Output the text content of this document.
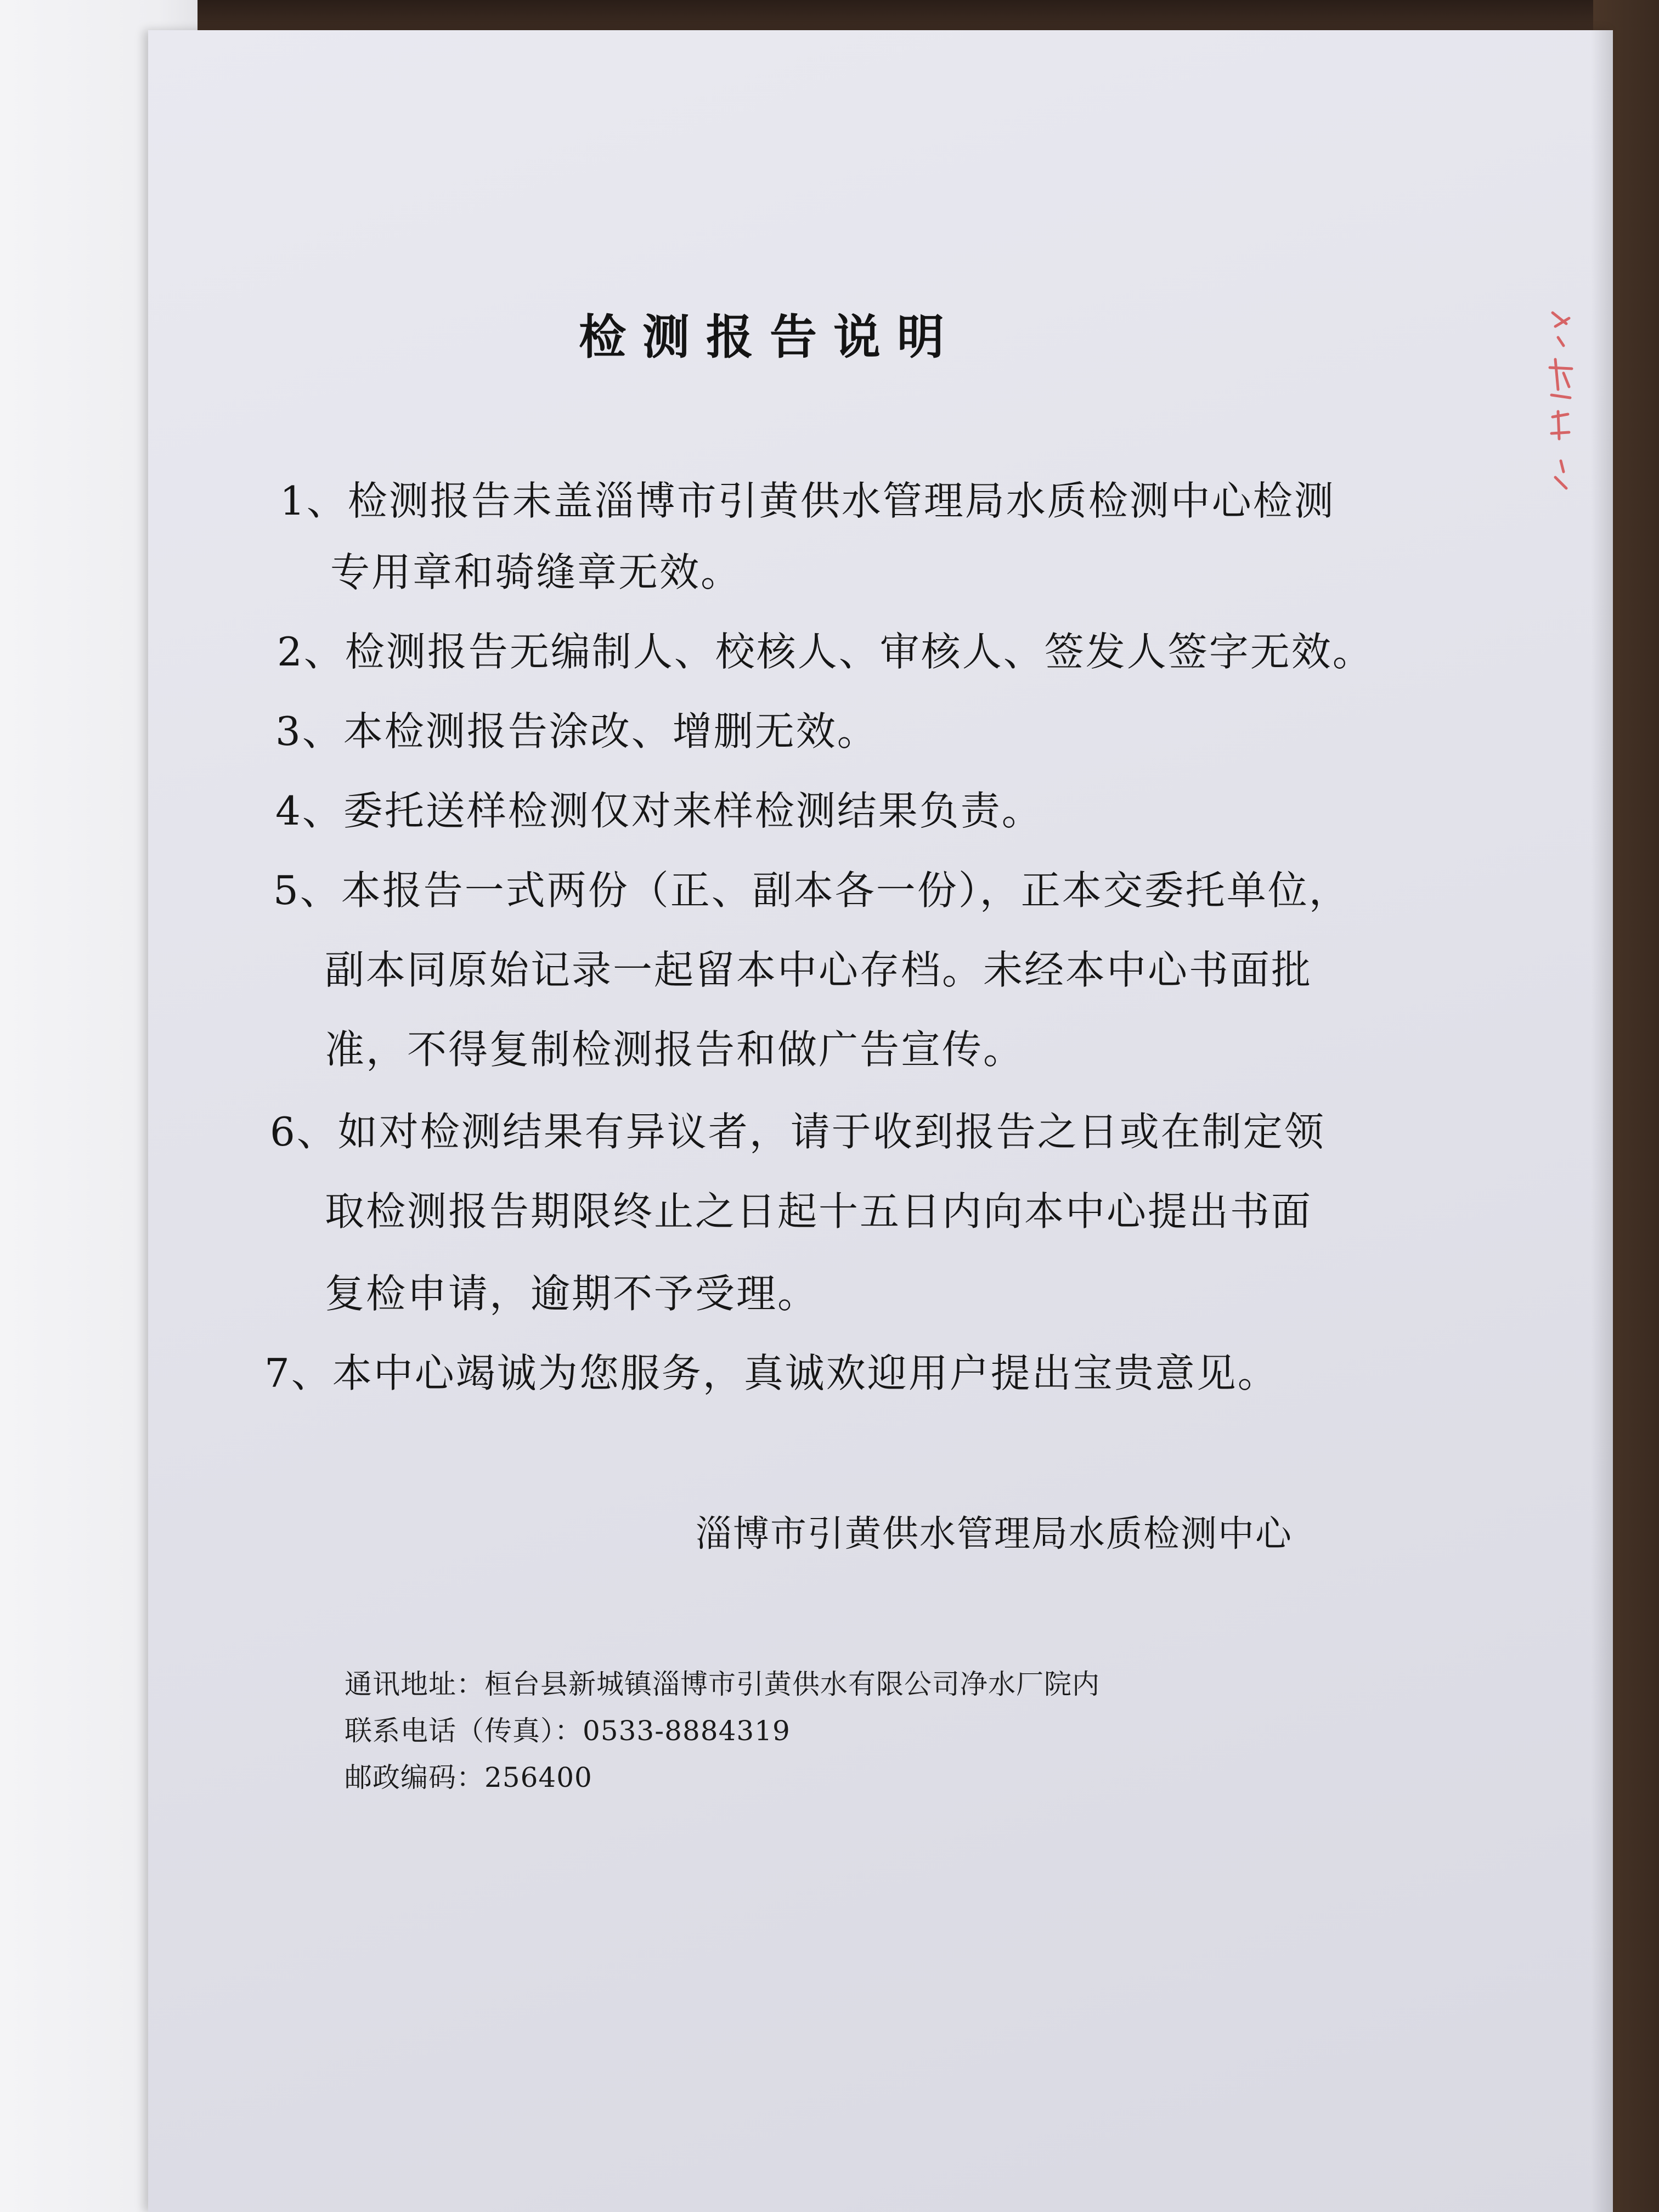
检测报告说明
1、检测报告未盖淄博市引黄供水管理局水质检测中心检测
专用章和骑缝章无效。
2、检测报告无编制人、校核人、审核人、签发人签字无效。
3、本检测报告涂改、增删无效。
4、委托送样检测仅对来样检测结果负责。
5、本报告一式两份（正、副本各一份），正本交委托单位，
副本同原始记录一起留本中心存档。未经本中心书面批
准，不得复制检测报告和做广告宣传。
6、如对检测结果有异议者，请于收到报告之日或在制定领
取检测报告期限终止之日起十五日内向本中心提出书面
复检申请，逾期不予受理。
7、本中心竭诚为您服务，真诚欢迎用户提出宝贵意见。
淄博市引黄供水管理局水质检测中心
通讯地址：桓台县新城镇淄博市引黄供水有限公司净水厂院内
联系电话（传真）：0533-8884319
邮政编码：256400
